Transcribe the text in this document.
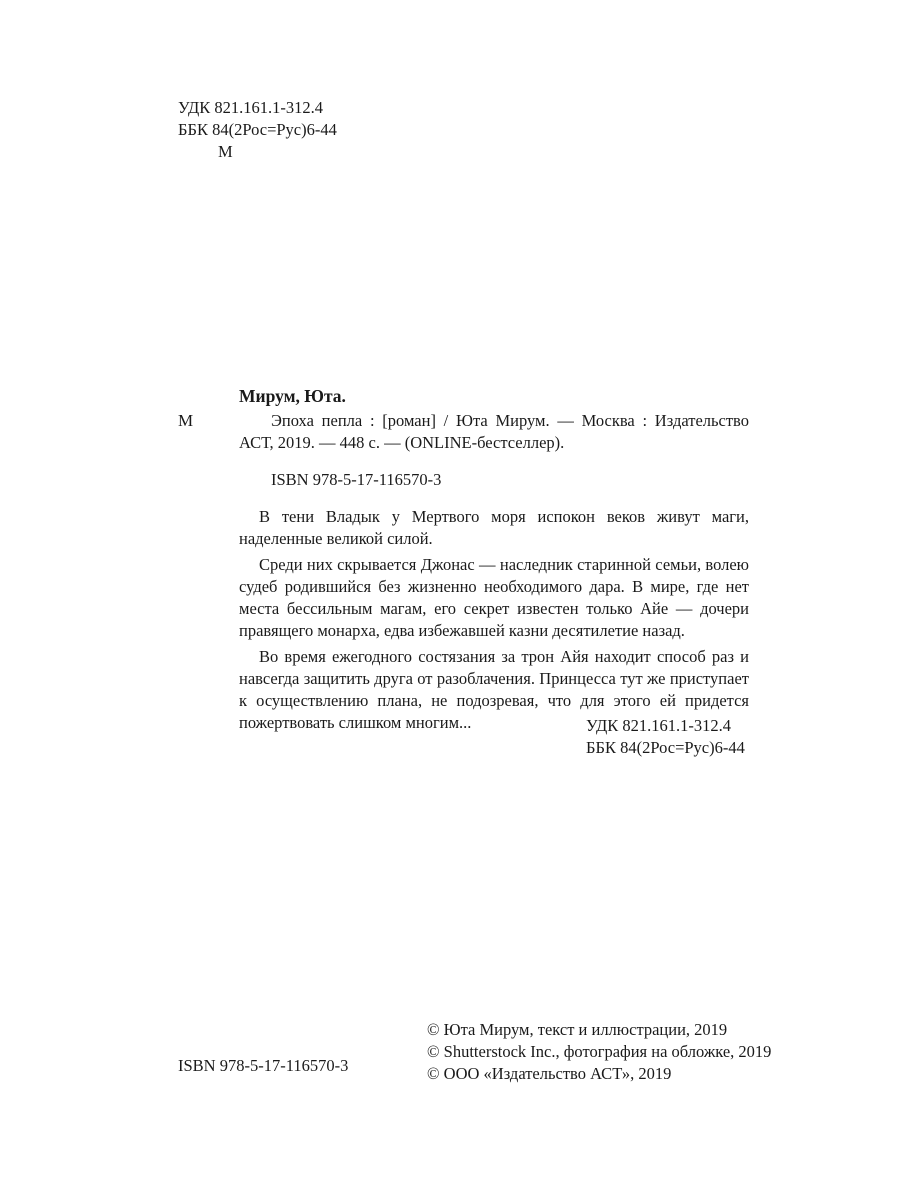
УДК 821.161.1-312.4
ББК 84(2Рос=Рус)6-44
М
М
Мирум, Юта.
Эпоха пепла : [роман] / Юта Мирум. — Москва : Издательство АСТ, 2019. — 448 с. — (ONLINE-бестселлер).
ISBN 978-5-17-116570-3

В тени Владык у Мертвого моря испокон веков живут маги, наделенные великой силой.

Среди них скрывается Джонас — наследник старинной семьи, волею судеб родившийся без жизненно необходимого дара. В мире, где нет места бессильным магам, его секрет известен только Айе — дочери правящего монарха, едва избежавшей казни десятилетие назад.

Во время ежегодного состязания за трон Айя находит способ раз и навсегда защитить друга от разоблачения. Принцесса тут же приступает к осуществлению плана, не подозревая, что для этого ей придется пожертвовать слишком многим...	УДК 821.161.1-312.4
ББК 84(2Рос=Рус)6-44
© Юта Мирум, текст и иллюстрации, 2019
© Shutterstock Inc., фотография на обложке, 2019
© ООО «Издательство АСТ», 2019
ISBN 978-5-17-116570-3
